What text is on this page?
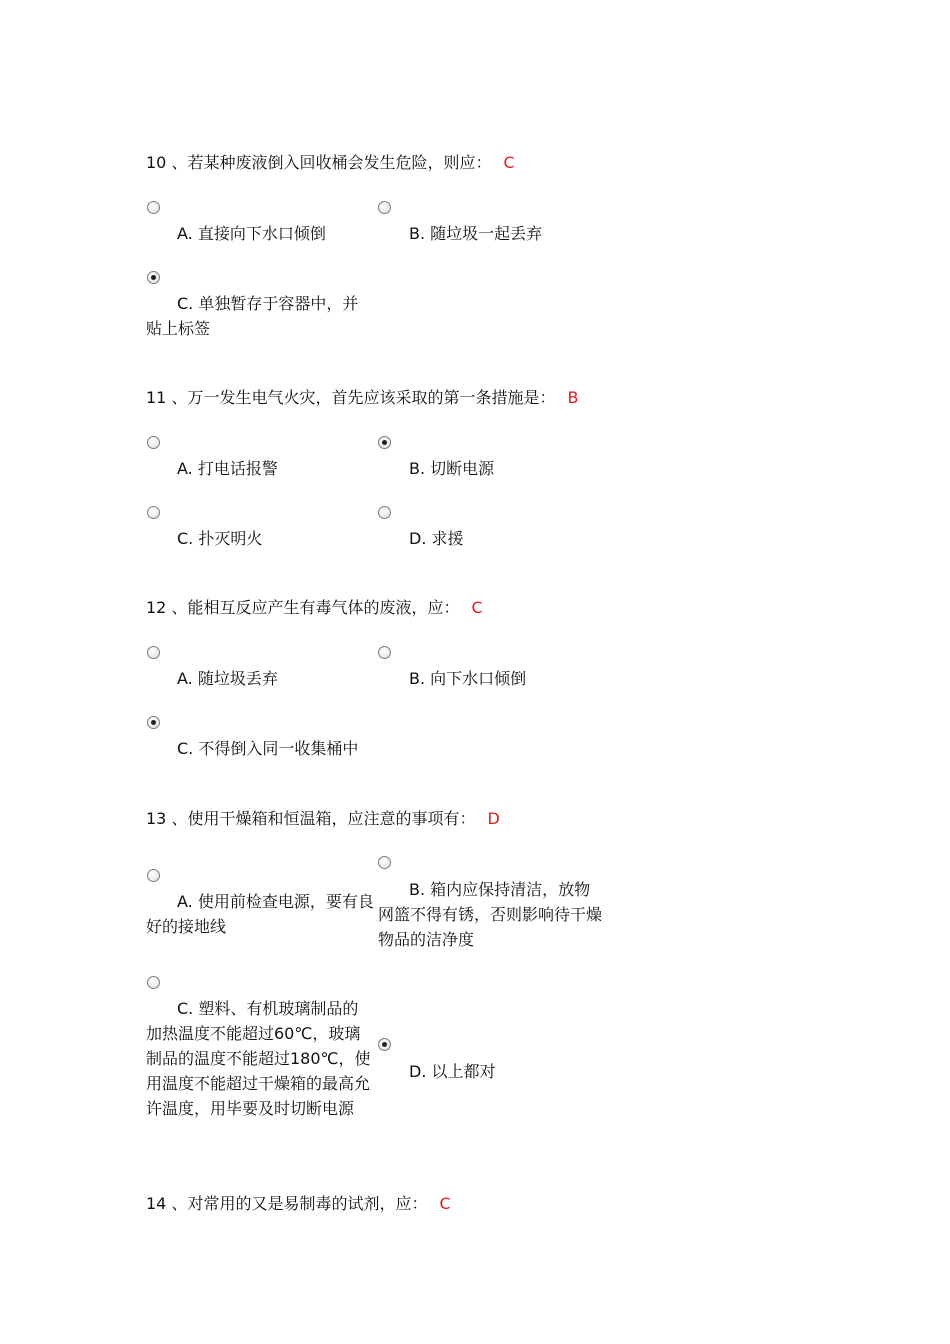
10 、若某种废液倒入回收桶会发生危险，则应： C
A. 直接向下水口倾倒	B. 随垃圾一起丢弃
C. 单独暂存于容器中，并贴上标签
11 、万一发生电气火灾，首先应该采取的第一条措施是： B
A. 打电话报警	B. 切断电源
C. 扑灭明火	D. 求援
12 、能相互反应产生有毒气体的废液，应： C
A. 随垃圾丢弃	B. 向下水口倾倒
C. 不得倒入同一收集桶中
13 、使用干燥箱和恒温箱，应注意的事项有： D
A. 使用前检查电源，要有良好的接地线
B. 箱内应保持清洁，放物网篮不得有锈，否则影响待干燥物品的洁净度
C. 塑料、有机玻璃制品的加热温度不能超过60℃，玻璃制品的温度不能超过180℃，使用温度不能超过干燥箱的最高允许温度，用毕要及时切断电源
D. 以上都对
14 、对常用的又是易制毒的试剂，应： C
